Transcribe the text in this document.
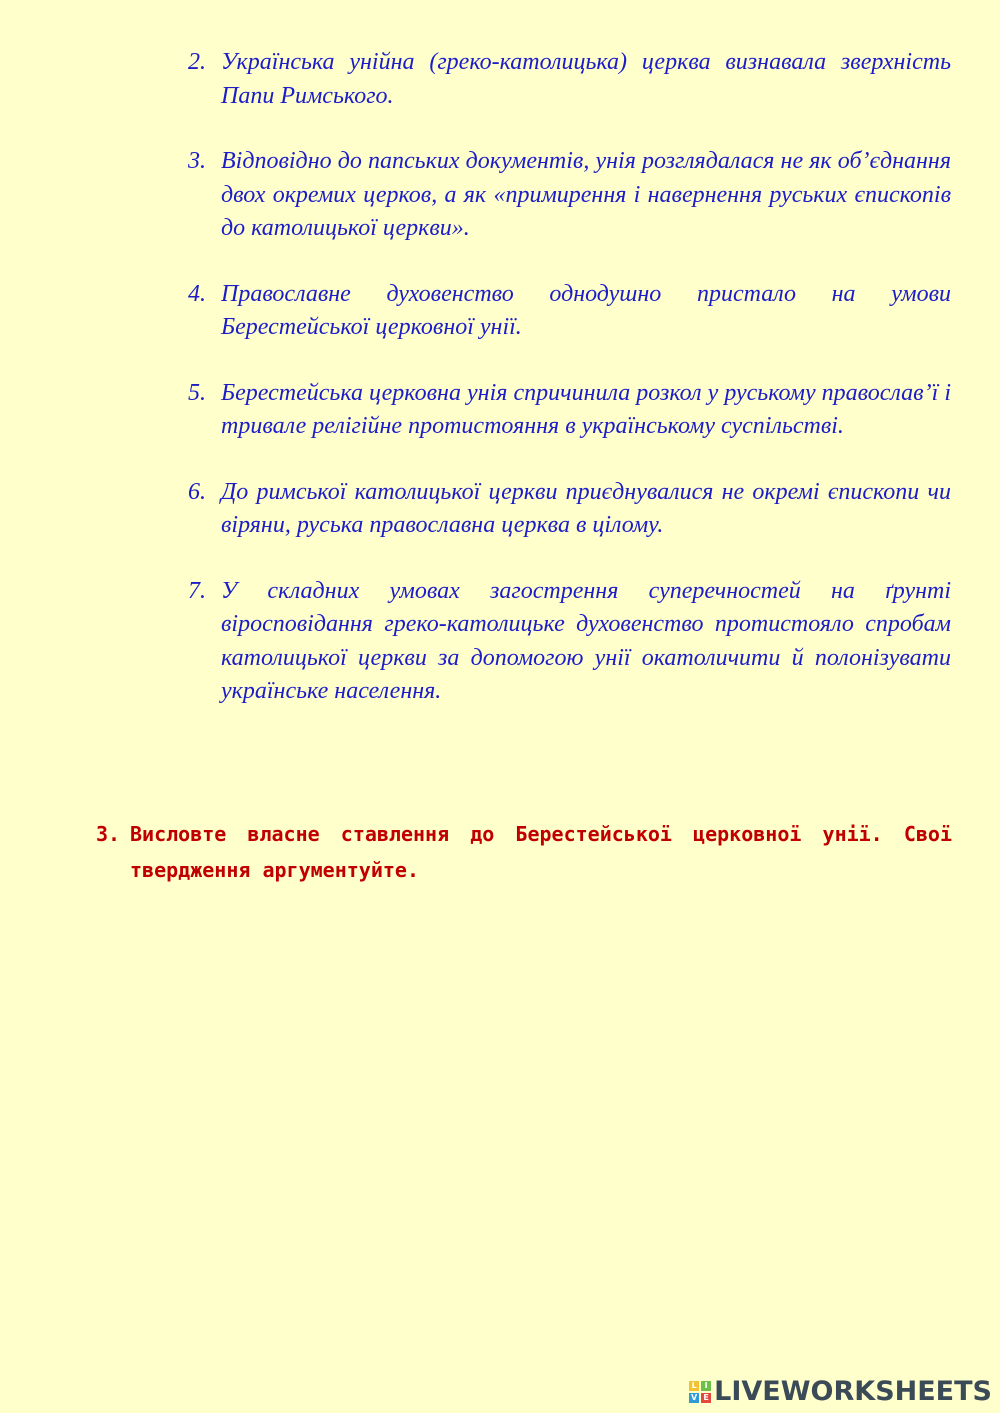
2. Українська унійна (греко-католицька) церква визнавала зверхність Папи Римського.
3. Відповідно до папських документів, унія розглядалася не як об’єднання двох окремих церков, а як «примирення і навернення руських єпископів до католицької церкви».
4. Православне духовенство однодушно пристало на умови Берестейської церковної унії.
5. Берестейська церковна унія спричинила розкол у руському православ’ї і тривале релігійне протистояння в українському суспільстві.
6. До римської католицької церкви приєднувалися не окремі єпископи чи віряни, руська православна церква в цілому.
7. У складних умовах загострення суперечностей на ґрунті віросповідання греко-католицьке духовенство протистояло спробам католицької церкви за допомогою унії окатоличити й полонізувати українське населення.
3. Висловте власне ставлення до Берестейської церковної унії. Свої твердження аргументуйте.
L I
V E LIVEWORKSHEETS
